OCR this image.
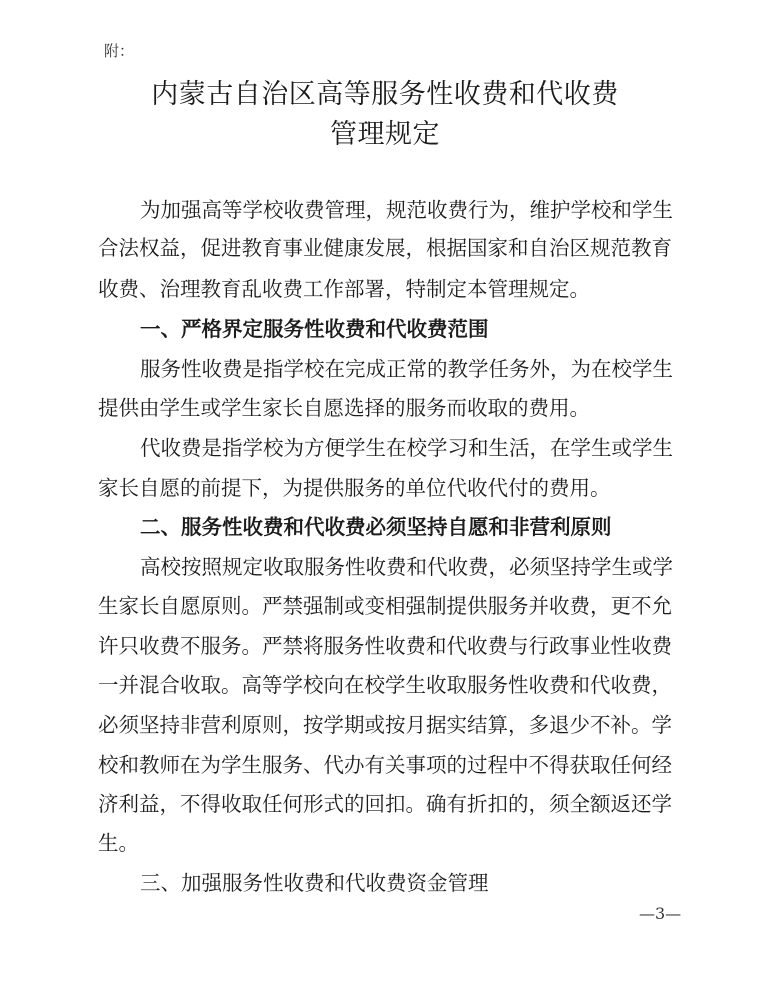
附：
内蒙古自治区高等服务性收费和代收费
管理规定
为加强高等学校收费管理，规范收费行为，维护学校和学生
合法权益，促进教育事业健康发展，根据国家和自治区规范教育
收费、治理教育乱收费工作部署，特制定本管理规定。
一、严格界定服务性收费和代收费范围
服务性收费是指学校在完成正常的教学任务外，为在校学生
提供由学生或学生家长自愿选择的服务而收取的费用。
代收费是指学校为方便学生在校学习和生活，在学生或学生
家长自愿的前提下，为提供服务的单位代收代付的费用。
二、服务性收费和代收费必须坚持自愿和非营利原则
高校按照规定收取服务性收费和代收费，必须坚持学生或学
生家长自愿原则。严禁强制或变相强制提供服务并收费，更不允
许只收费不服务。严禁将服务性收费和代收费与行政事业性收费
一并混合收取。高等学校向在校学生收取服务性收费和代收费，
必须坚持非营利原则，按学期或按月据实结算，多退少不补。学
校和教师在为学生服务、代办有关事项的过程中不得获取任何经
济利益，不得收取任何形式的回扣。确有折扣的，须全额返还学
生。
三、加强服务性收费和代收费资金管理
—3—
